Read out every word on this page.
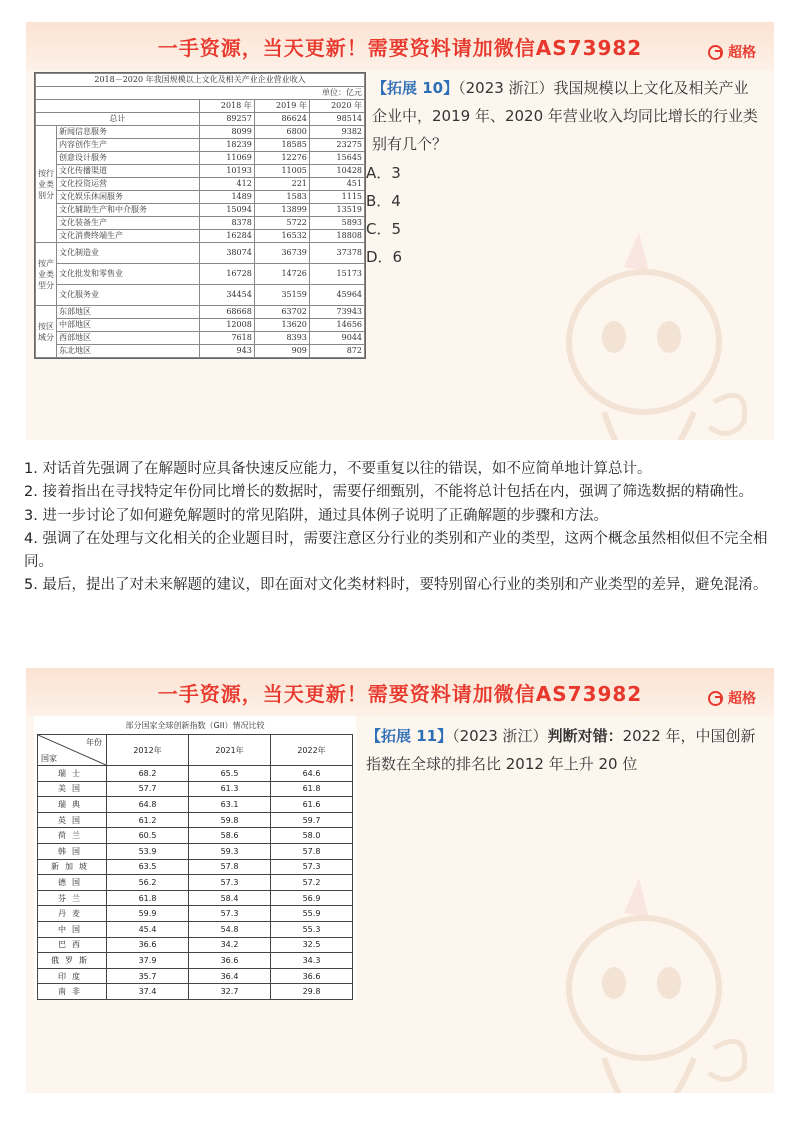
一手资源，当天更新！需要资料请加微信AS73982	超格
2018－2020 年我国规模以上文化及相关产业企业营业收入				
单位：亿元				
		2018 年	2019 年	2020 年
总计		89257	86624	98514
按行业类别分	新闻信息服务	8099	6800	9382
	内容创作生产	18239	18585	23275
	创意设计服务	11069	12276	15645
	文化传播渠道	10193	11005	10428
	文化投资运营	412	221	451
	文化娱乐休闲服务	1489	1583	1115
	文化辅助生产和中介服务	15094	13899	13519
	文化装备生产	8378	5722	5893
	文化消费终端生产	16284	16532	18808
按产业类型分	文化制造业	38074	36739	37378
	文化批发和零售业	16728	14726	15173
	文化服务业	34454	35159	45964
按区域分	东部地区	68668	63702	73943
	中部地区	12008	13620	14656
	西部地区	7618	8393	9044
	东北地区	943	909	872
【拓展 10】（2023 浙江）我国规模以上文化及相关产业企业中，2019 年、2020 年营业收入均同比增长的行业类别有几个？
A．3
B．4
C．5
D．6
1. 对话首先强调了在解题时应具备快速反应能力，不要重复以往的错误，如不应简单地计算总计。
2. 接着指出在寻找特定年份同比增长的数据时，需要仔细甄别，不能将总计包括在内，强调了筛选数据的精确性。
3. 进一步讨论了如何避免解题时的常见陷阱，通过具体例子说明了正确解题的步骤和方法。
4. 强调了在处理与文化相关的企业题目时，需要注意区分行业的类别和产业的类型，这两个概念虽然相似但不完全相同。
5. 最后，提出了对未来解题的建议，即在面对文化类材料时，要特别留心行业的类别和产业类型的差异，避免混淆。
一手资源，当天更新！需要资料请加微信AS73982	超格
部分国家全球创新指数（GII）情况比较
年份
国家	2012年	2021年	2022年
瑞士	68.2	65.5	64.6
美国	57.7	61.3	61.8
瑞典	64.8	63.1	61.6
英国	61.2	59.8	59.7
荷兰	60.5	58.6	58.0
韩国	53.9	59.3	57.8
新加坡	63.5	57.8	57.3
德国	56.2	57.3	57.2
芬兰	61.8	58.4	56.9
丹麦	59.9	57.3	55.9
中国	45.4	54.8	55.3
巴西	36.6	34.2	32.5
俄罗斯	37.9	36.6	34.3
印度	35.7	36.4	36.6
南非	37.4	32.7	29.8
【拓展 11】（2023 浙江）判断对错：2022 年，中国创新指数在全球的排名比 2012 年上升 20 位
